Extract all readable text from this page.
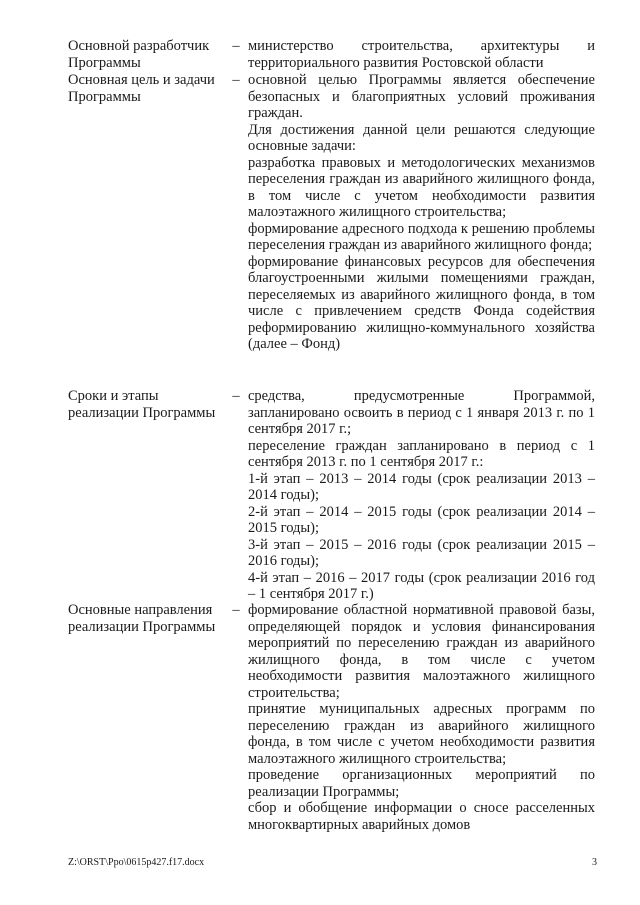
Основной разработчик Программы
– министерство строительства, архитектуры и территориального развития Ростовской области

Основная цель и задачи Программы
– основной целью Программы является обеспечение безопасных и благоприятных условий проживания граждан.

Для достижения данной цели решаются следующие основные задачи:

разработка правовых и методологических механизмов переселения граждан из аварийного жилищного фонда, в том числе с учетом необходимости развития малоэтажного жилищного строительства;

формирование адресного подхода к решению проблемы переселения граждан из аварийного жилищного фонда;

формирование финансовых ресурсов для обеспечения благоустроенными жилыми помещениями граждан, переселяемых из аварийного жилищного фонда, в том числе с привлечением средств Фонда содействия реформированию жилищно-коммунального хозяйства (далее – Фонд)

Сроки и этапы реализации Программы
– средства, предусмотренные Программой, запланировано освоить в период с 1 января 2013 г. по 1 сентября 2017 г.;

переселение граждан запланировано в период с 1 сентября 2013 г. по 1 сентября 2017 г.:

1-й этап – 2013 – 2014 годы (срок реализации 2013 – 2014 годы);

2-й этап – 2014 – 2015 годы (срок реализации 2014 – 2015 годы);

3-й этап – 2015 – 2016 годы (срок реализации 2015 – 2016 годы);

4-й этап – 2016 – 2017 годы (срок реализации 2016 год – 1 сентября 2017 г.)

Основные направления реализации Программы
– формирование областной нормативной правовой базы, определяющей порядок и условия финансирования мероприятий по переселению граждан из аварийного жилищного фонда, в том числе с учетом необходимости развития малоэтажного жилищного строительства;

принятие муниципальных адресных программ по переселению граждан из аварийного жилищного фонда, в том числе с учетом необходимости развития малоэтажного жилищного строительства;

проведение организационных мероприятий по реализации Программы;

сбор и обобщение информации о сносе расселенных многоквартирных аварийных домов

Z:\ORST\Ppo\0615p427.f17.docx	3
